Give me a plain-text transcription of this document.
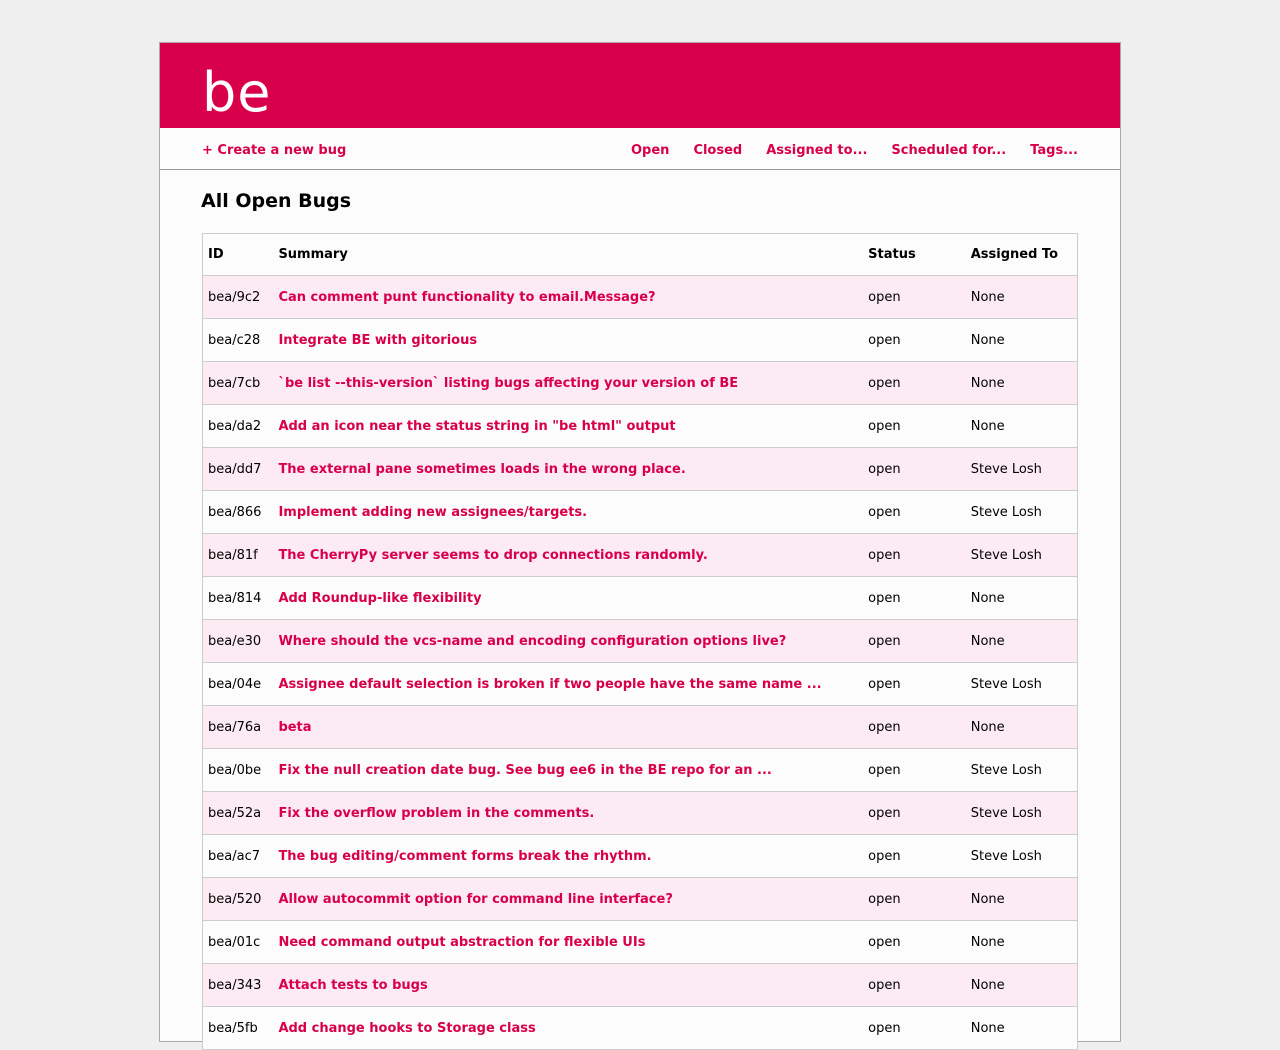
be
+ Create a new bug	Open Closed Assigned to... Scheduled for... Tags...
All Open Bugs
ID	Summary	Status	Assigned To
bea/9c2	Can comment punt functionality to email.Message?	open	None
bea/c28	Integrate BE with gitorious	open	None
bea/7cb	`be list --this-version` listing bugs affecting your version of BE	open	None
bea/da2	Add an icon near the status string in "be html" output	open	None
bea/dd7	The external pane sometimes loads in the wrong place.	open	Steve Losh
bea/866	Implement adding new assignees/targets.	open	Steve Losh
bea/81f	The CherryPy server seems to drop connections randomly.	open	Steve Losh
bea/814	Add Roundup-like flexibility	open	None
bea/e30	Where should the vcs-name and encoding configuration options live?	open	None
bea/04e	Assignee default selection is broken if two people have the same name ...	open	Steve Losh
bea/76a	beta	open	None
bea/0be	Fix the null creation date bug. See bug ee6 in the BE repo for an ...	open	Steve Losh
bea/52a	Fix the overflow problem in the comments.	open	Steve Losh
bea/ac7	The bug editing/comment forms break the rhythm.	open	Steve Losh
bea/520	Allow autocommit option for command line interface?	open	None
bea/01c	Need command output abstraction for flexible UIs	open	None
bea/343	Attach tests to bugs	open	None
bea/5fb	Add change hooks to Storage class	open	None
